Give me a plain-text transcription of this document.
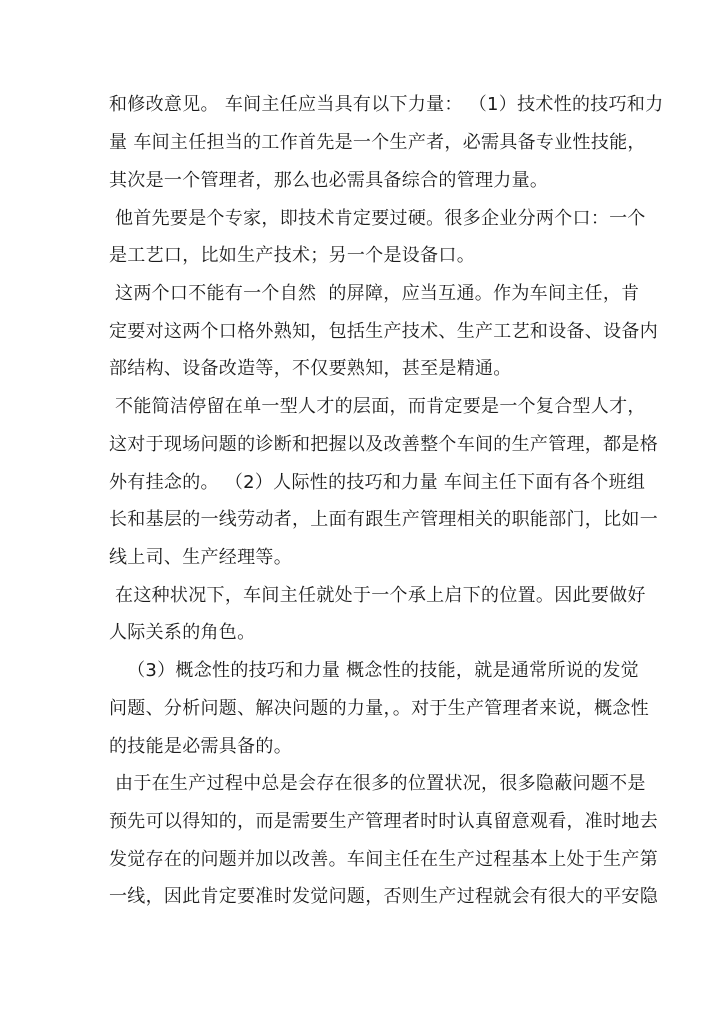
和修改意见。 车间主任应当具有以下力量： （1）技术性的技巧和力
量 车间主任担当的工作首先是一个生产者，必需具备专业性技能，
其次是一个管理者，那么也必需具备综合的管理力量。
他首先要是个专家，即技术肯定要过硬。很多企业分两个口：一个
是工艺口，比如生产技术；另一个是设备口。
这两个口不能有一个自然  的屏障，应当互通。作为车间主任，肯
定要对这两个口格外熟知，包括生产技术、生产工艺和设备、设备内
部结构、设备改造等，不仅要熟知，甚至是精通。
不能简洁停留在单一型人才的层面，而肯定要是一个复合型人才，
这对于现场问题的诊断和把握以及改善整个车间的生产管理，都是格
外有挂念的。 （2）人际性的技巧和力量 车间主任下面有各个班组
长和基层的一线劳动者，上面有跟生产管理相关的职能部门，比如一
线上司、生产经理等。
在这种状况下，车间主任就处于一个承上启下的位置。因此要做好
人际关系的角色。
（3）概念性的技巧和力量 概念性的技能，就是通常所说的发觉
问题、分析问题、解决问题的力量，。对于生产管理者来说，概念性
的技能是必需具备的。
由于在生产过程中总是会存在很多的位置状况，很多隐蔽问题不是
预先可以得知的，而是需要生产管理者时时认真留意观看，准时地去
发觉存在的问题并加以改善。车间主任在生产过程基本上处于生产第
一线，因此肯定要准时发觉问题，否则生产过程就会有很大的平安隐
